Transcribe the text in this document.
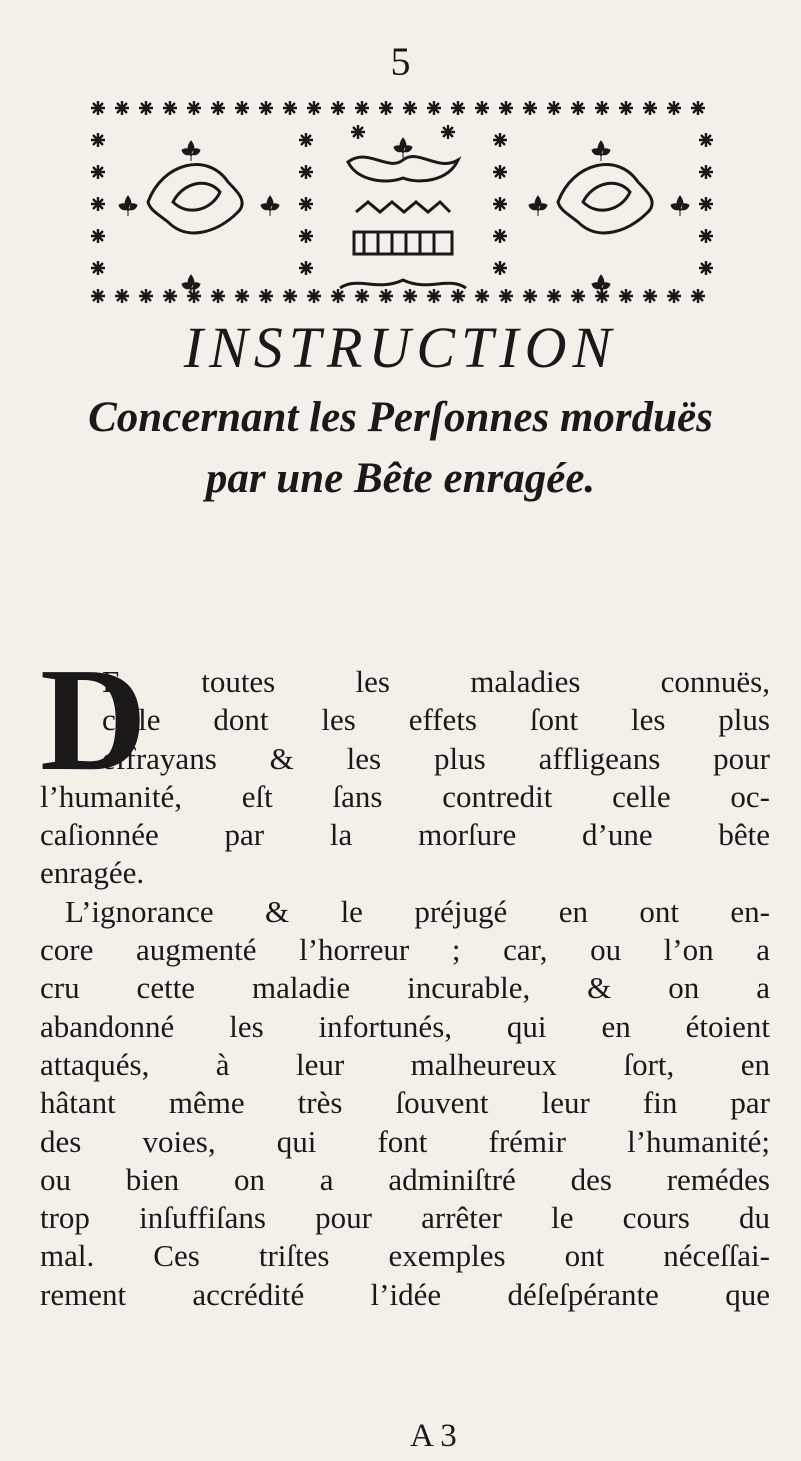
5
INSTRUCTION
Concernant les Perſonnes morduës
par une Bête enragée.
D
E toutes les maladies connuës,
celle dont les effets ſont les plus
effrayans & les plus affligeans pour
l’humanité, eſt ſans contredit celle oc-
caſionnée par la morſure d’une bête
enragée.
L’ignorance & le préjugé en ont en-
core augmenté l’horreur ; car, ou l’on a
cru cette maladie incurable, & on a
abandonné les infortunés, qui en étoient
attaqués, à leur malheureux ſort, en
hâtant même très ſouvent leur fin par
des voies, qui font frémir l’humanité;
ou bien on a adminiſtré des remédes
trop inſuffiſans pour arrêter le cours du
mal. Ces triſtes exemples ont néceſſai-
rement accrédité l’idée déſeſpérante que
A 3
